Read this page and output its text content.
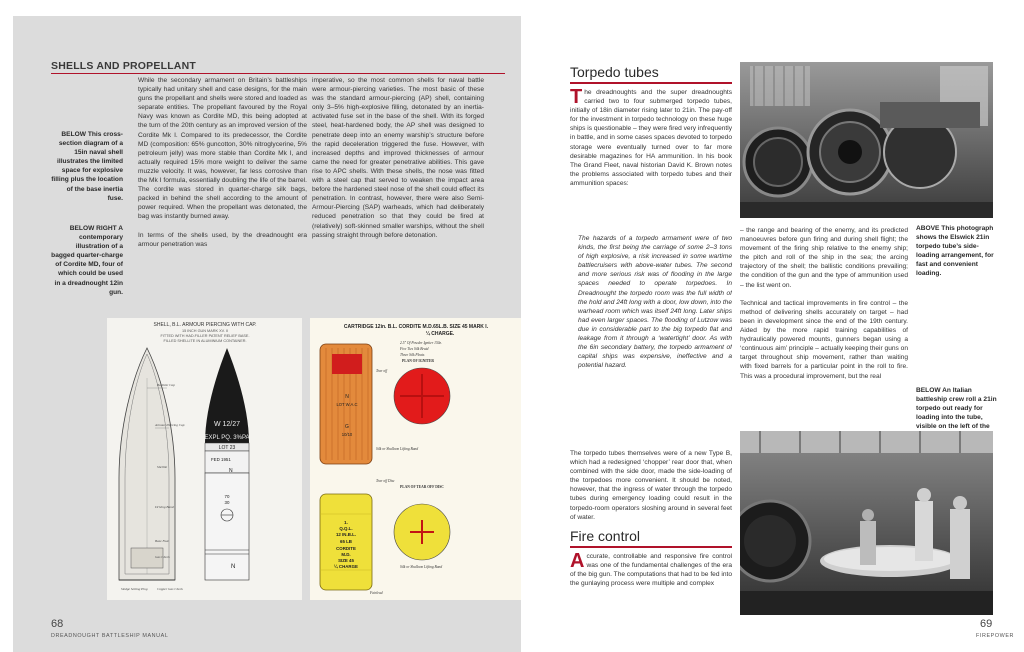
SHELLS AND PROPELLANT
BELOW This cross-section diagram of a 15in naval shell illustrates the limited space for explosive filling plus the location of the base inertia fuse.
BELOW RIGHT A contemporary illustration of a bagged quarter-charge of Cordite MD, four of which could be used in a dreadnought 12in gun.

While the secondary armament on Britain’s battleships typically had unitary shell and case designs, for the main guns the propellant and shells were stored and loaded as separate entities. The propellant favoured by the Royal Navy was known as Cordite MD, this being adopted at the turn of the 20th century as an improved version of the Cordite Mk I. Compared to its predecessor, the Cordite MD (composition: 65% guncotton, 30% nitroglycerine, 5% petroleum jelly) was more stable than Cordite Mk I, and actually required 15% more weight to deliver the same muzzle velocity. It was, however, far less corrosive than the Mk I formula, essentially doubling the life of the barrel. The cordite was stored in quarter-charge silk bags, packed in behind the shell according to the amount of power required. When the propellant was detonated, the bag was instantly burned away.

In terms of the shells used, by the dreadnought era armour penetration was

imperative, so the most common shells for naval battle were armour-piercing varieties. The most basic of these was the standard armour-piercing (AP) shell, containing only 3–5% high-explosive filling, detonated by an inertia-activated fuse set in the base of the shell. With its forged steel, heat-hardened body, the AP shell was designed to penetrate deep into an enemy warship’s structure before the rapid deceleration triggered the fuse. However, with increased depths and improved thicknesses of armour came the need for greater penetrative abilities. This gave rise to APC shells. With these shells, the nose was fitted with a steel cap that served to weaken the impact area before the hardened steel nose of the shell could effect its penetration. In contrast, however, there were also Semi-Armour-Piercing (SAP) warheads, which had deliberately reduced penetration so that they could be fired at (relatively) soft-skinned smaller warships, without the shell passing straight through before detonation.

SHELL, B.L. ARMOUR PIERCING WITH CAP.
15 INCH GUN MARK XV. II
FITTED WITH HAD.FILLER PATENT RELIEF BASE.
FILLED SHELLITE IN ALUMINIUM CONTAINER.
W 12/27
EXPL PQ. 3%PA
LOT 23
FED 1951
N
70
30
N
Ballistic Cap
Armour Piercing Cap
Shellite
Driving Band
Base Fuze
Gas Check
Sledge Setting Plug	Copper Gas Check
CARTRIDGE 12in. B.L. CORDITE M.D.65L.B. SIZE 45 MARK I.
¼ CHARGE.
N
LOT W.A.C
G
10/10
2.5" Of Powder Igniter 150z.
Five Ties Silk Braid
Three Silk Pleats
PLAN OF IGNITER
Tear off
Silk or Shalloon Lifting Band
Tear off Disc
PLAN OF TEAR OFF DISC
Silk or Shalloon Lifting Band
Fairlead
1.
Q.Q.L.
12 IN.B.L.
65 LB
CORDITE
M.D.
SIZE 45
¼ CHARGE
68
DREADNOUGHT BATTLESHIP MANUAL
Torpedo tubes

The dreadnoughts and the super dreadnoughts carried two to four submerged torpedo tubes, initially of 18in diameter rising later to 21in. The pay-off for the investment in torpedo technology on these huge ships is questionable – they were fired very infrequently in battle, and in some cases spaces devoted to torpedo storage were eventually turned over to far more desirable magazines for HA ammunition. In his book The Grand Fleet, naval historian David K. Brown notes the problems associated with torpedo tubes and their ammunition spaces:

The hazards of a torpedo armament were of two kinds, the first being the carriage of some 2–3 tons of high explosive, a risk increased in some wartime battlecruisers with above-water tubes. The second and more serious risk was of flooding in the large spaces needed to operate torpedoes. In Dreadnought the torpedo room was the full width of the hold and 24ft long with a door, low down, into the warhead room which was itself 24ft long. Later ships had even larger spaces. The flooding of Lutzow was due in considerable part to the big torpedo flat and leakage from it through a ‘watertight’ door. As with the 6in secondary battery, the torpedo armament of capital ships was expensive, ineffective and a potential hazard.

The torpedo tubes themselves were of a new Type B, which had a redesigned ‘chopper’ rear door that, when combined with the side door, made the side-loading of the torpedoes more convenient. It should be noted, however, that the ingress of water through the torpedo tubes during emergency loading could result in the torpedo-room operators sloshing around in several feet of water.

Fire control

Accurate, controllable and responsive fire control was one of the fundamental challenges of the era of the big gun. The computations that had to be fed into the gunlaying process were multiple and complex

– the range and bearing of the enemy, and its predicted manoeuvres before gun firing and during shell flight; the movement of the firing ship relative to the enemy ship; the pitch and roll of the ship in the sea; the arcing trajectory of the shell; the ballistic conditions prevailing; the condition of the gun and the type of ammunition used – the list went on.

Technical and tactical improvements in fire control – the method of delivering shells accurately on target – had been in development since the end of the 19th century. Aided by the more rapid training capabilities of hydraulically powered mounts, gunners began using a ‘continuous aim’ principle – actually keeping their guns on target throughout ship movement, rather than waiting with fixed barrels for a particular point in the roll to fire. This was a procedural improvement, but the real

ABOVE This photograph shows the Elswick 21in torpedo tube’s side-loading arrangement, for fast and convenient loading.
BELOW An Italian battleship crew roll a 21in torpedo out ready for loading into the tube, visible on the left of the
69
FIREPOWER
